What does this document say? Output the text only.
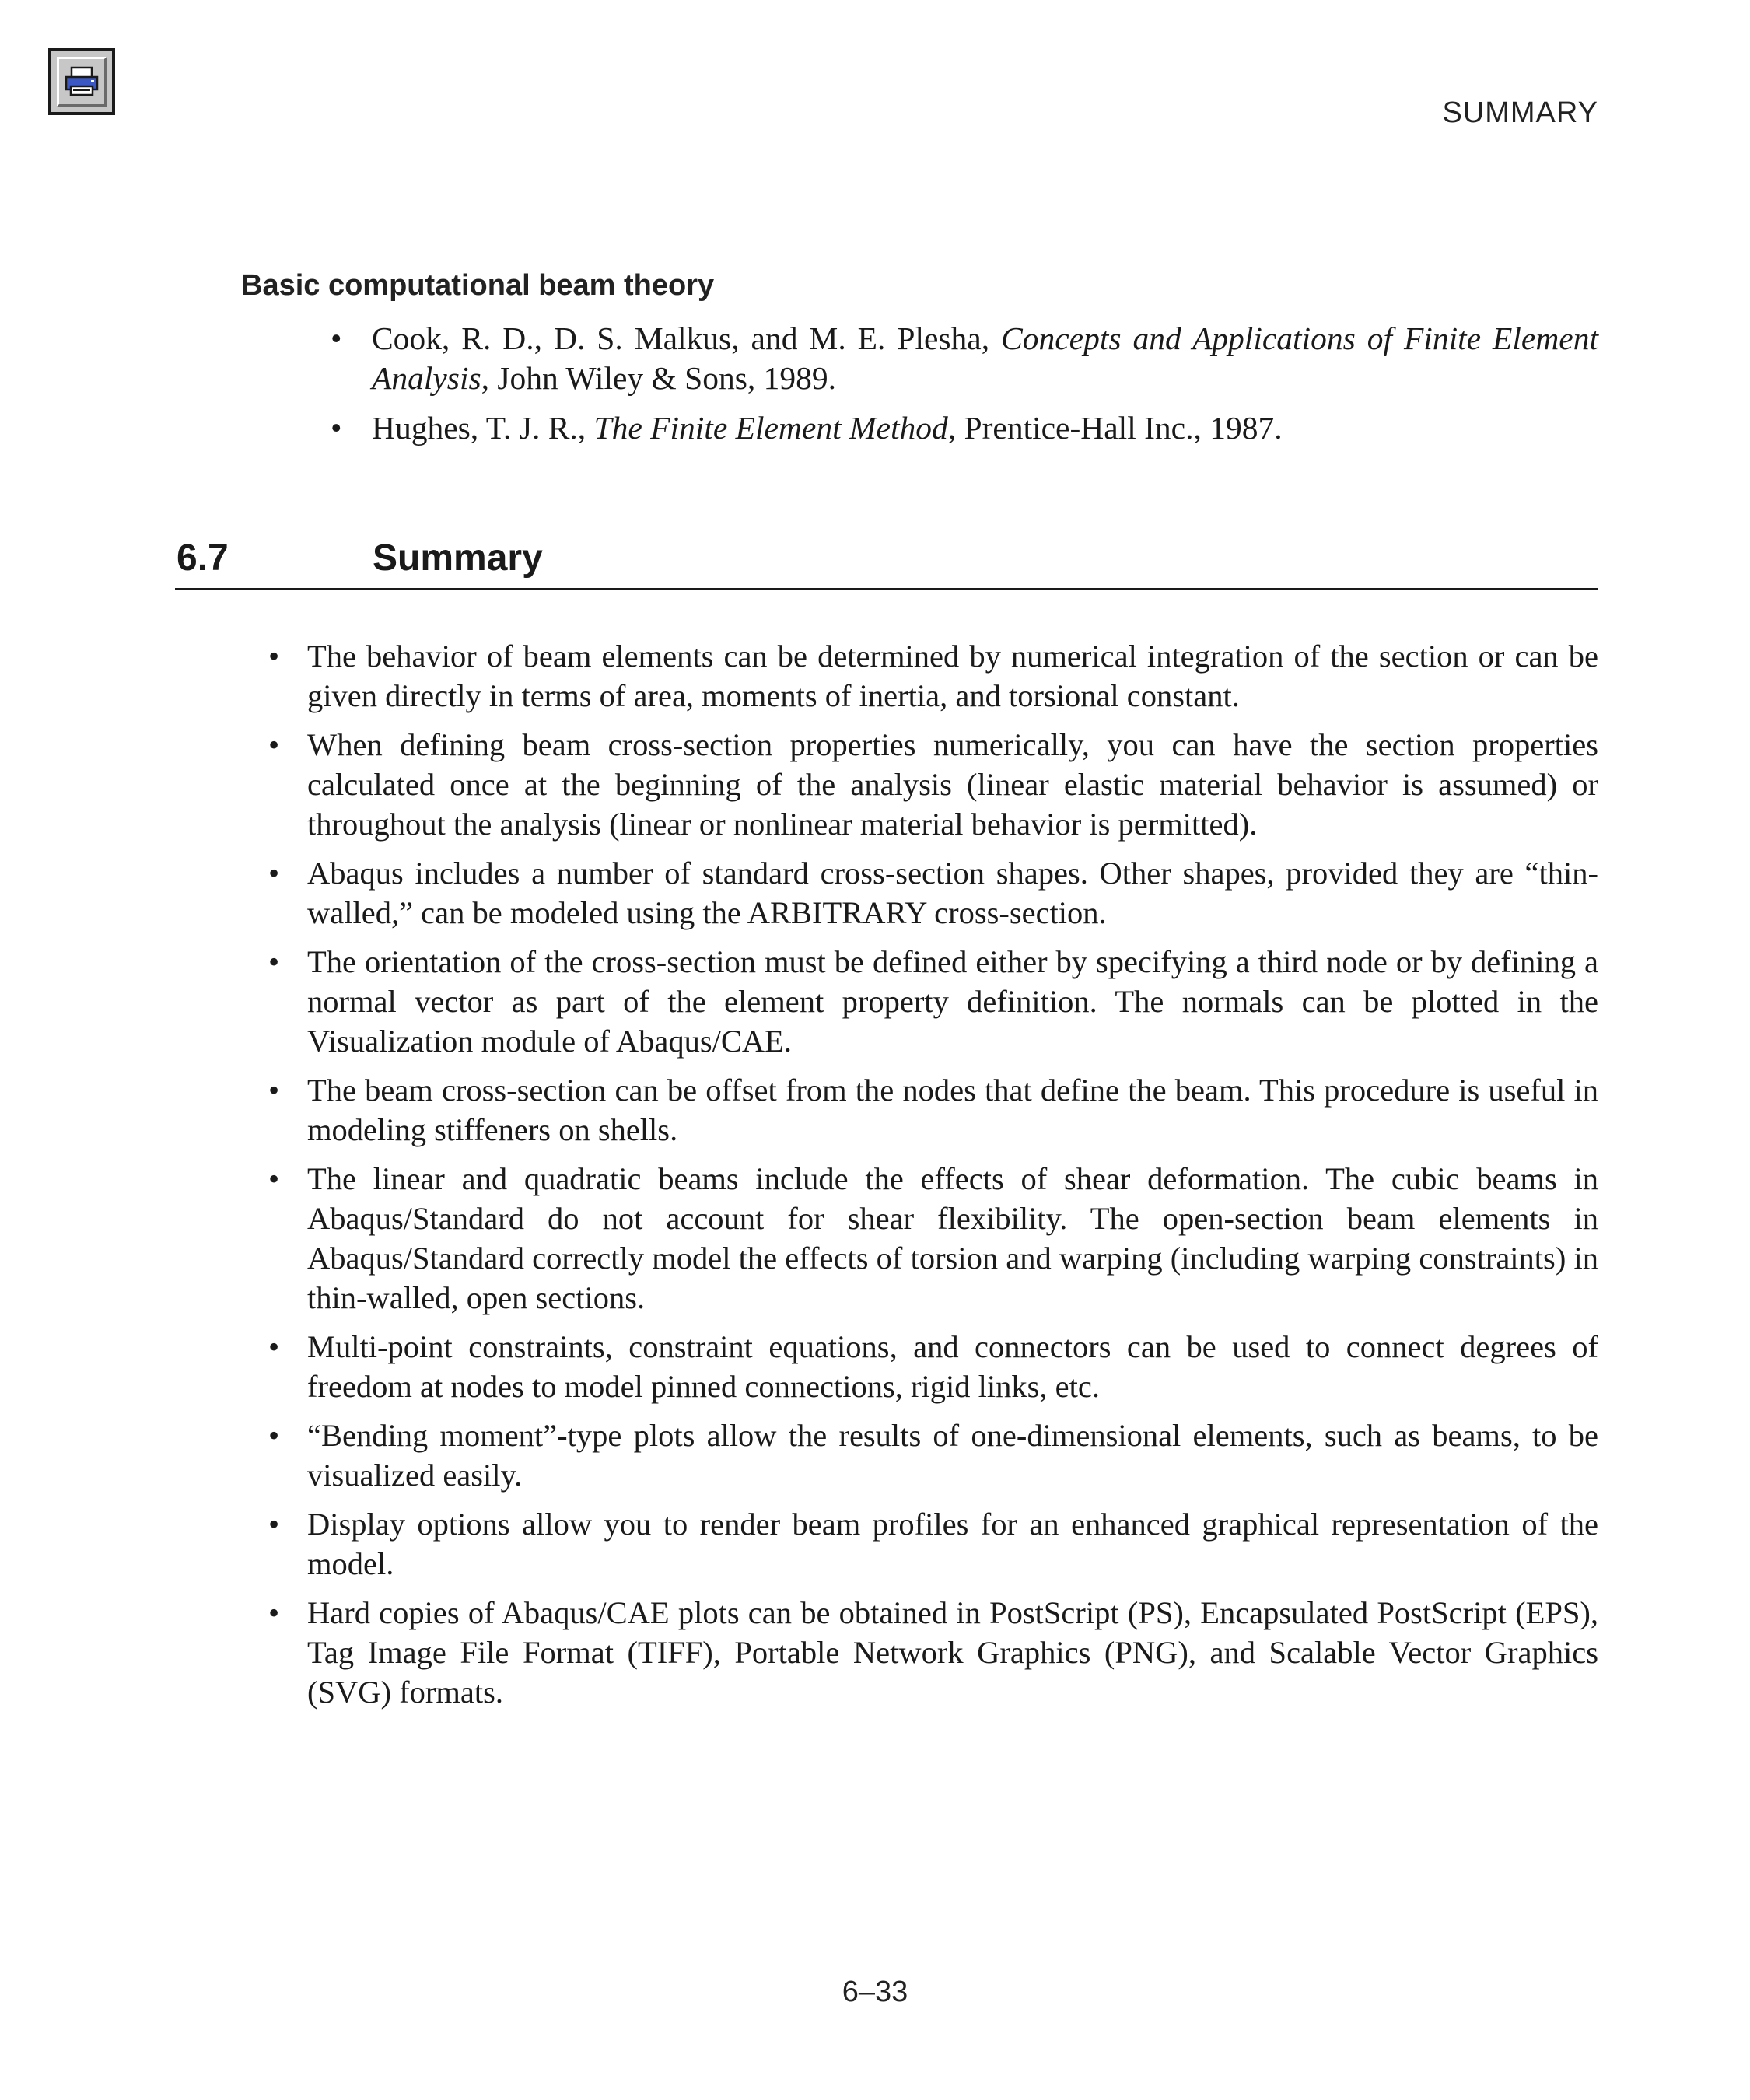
SUMMARY
Basic computational beam theory
• Cook, R. D., D. S. Malkus, and M. E. Plesha, Concepts and Applications of Finite Element Analysis, John Wiley & Sons, 1989.
• Hughes, T. J. R., The Finite Element Method, Prentice-Hall Inc., 1987.
6.7	Summary
• The behavior of beam elements can be determined by numerical integration of the section or can be given directly in terms of area, moments of inertia, and torsional constant.
• When defining beam cross-section properties numerically, you can have the section properties calculated once at the beginning of the analysis (linear elastic material behavior is assumed) or throughout the analysis (linear or nonlinear material behavior is permitted).
• Abaqus includes a number of standard cross-section shapes. Other shapes, provided they are “thin-walled,” can be modeled using the ARBITRARY cross-section.
• The orientation of the cross-section must be defined either by specifying a third node or by defining a normal vector as part of the element property definition. The normals can be plotted in the Visualization module of Abaqus/CAE.
• The beam cross-section can be offset from the nodes that define the beam. This procedure is useful in modeling stiffeners on shells.
• The linear and quadratic beams include the effects of shear deformation. The cubic beams in Abaqus/Standard do not account for shear flexibility. The open-section beam elements in Abaqus/Standard correctly model the effects of torsion and warping (including warping constraints) in thin-walled, open sections.
• Multi-point constraints, constraint equations, and connectors can be used to connect degrees of freedom at nodes to model pinned connections, rigid links, etc.
• “Bending moment”-type plots allow the results of one-dimensional elements, such as beams, to be visualized easily.
• Display options allow you to render beam profiles for an enhanced graphical representation of the model.
• Hard copies of Abaqus/CAE plots can be obtained in PostScript (PS), Encapsulated PostScript (EPS), Tag Image File Format (TIFF), Portable Network Graphics (PNG), and Scalable Vector Graphics (SVG) formats.
6–33
